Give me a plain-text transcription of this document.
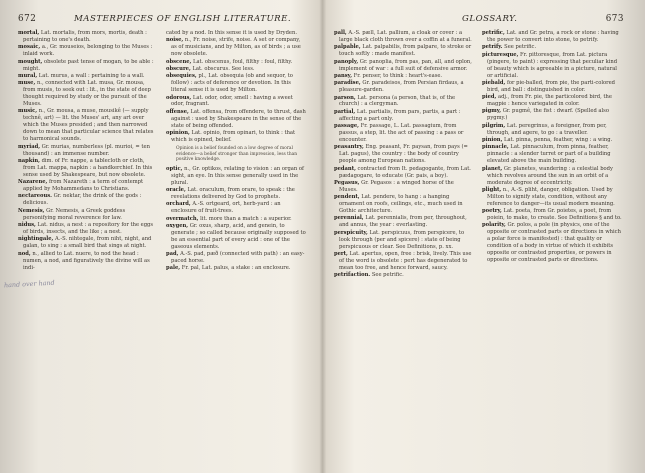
672	MASTERPIECES OF ENGLISH LITERATURE.
mortal, Lat. mortalis, from mors, mortis, death : pertaining to one's death.
mosaic, a., Gr. mouseios, belonging to the Muses : inlaid work.
mought, obsolete past tense of mogan, to be able : might.
mural, Lat. murus, a wall : pertaining to a wall.
muse, n., connected with Lat. musa, Gr. mousa, from musis, to seek out : lit., in the state of deep thought required by study or the pursuit of the Muses.
music, n., Gr. mousa, a muse, mousikê (— supply technê, art) — lit. the Muses' art, any art over which the Muses presided ; and then narrowed down to mean that particular science that relates to harmonical sounds.
myriad, Gr. murias, numberless (pl. murioi, = ten thousand) : an immense number.
napkin, dim. of Fr. nappe, a tablecloth or cloth, from Lat. mappa, napkin : a handkerchief. In this sense used by Shakespeare, but now obsolete.
Nazarene, from Nazareth : a term of contempt applied by Mohammedans to Christians.
nectareous. Gr. nektar, the drink of the gods : delicious.
Nemesis, Gr. Nemesis, a Greek goddess personifying moral reverence for law.
nidus, Lat. nidus, a nest : a repository for the eggs of birds, insects, and the like ; a nest.
nightingale, A.-S. nihtegale, from niht, night, and galan, to sing : a small bird that sings at night.
nod, n., allied to Lat. nuere, to nod the head : numen, a nod, and figuratively the divine will as indi-
cated by a nod. In this sense it is used by Dryden.
noise, n., Fr. noise, strife, noise. A set or company, as of musicians, and by Milton, as of birds ; a use now obsolete.
obscene, Lat. obscenus, foul, filthy : foul, filthy.
obscure, Lat. obscurus. See less.
obsequies, pl., Lat. obsequia (ob and sequor, to follow) : acts of deference or devotion. In this literal sense it is used by Milton.
odorous, Lat. odor, odor, smell : having a sweet odor, fragrant.
offense, Lat. offensa, from offendere, to thrust, dash against : used by Shakespeare in the sense of the state of being offended.
opinion, Lat. opinio, from opinari, to think : that which is opined, belief.
Opinion is a belief founded on a low degree of moral evidence—a belief stronger than impression, less than positive knowledge.
optic, n., Gr. optikos, relating to vision : an organ of sight, an eye. In this sense generally used in the plural.
oracle, Lat. oraculum, from orare, to speak : the revelations delivered by God to prophets.
orchard, A.-S. ortgeard, ort, herb-yard : an enclosure of fruit-trees.
overmatch, lit. more than a match : a superior.
oxygen, Gr. oxus, sharp, acid, and genein, to generate ; so called because originally supposed to be an essential part of every acid : one of the gaseous elements.
pad, A.-S. pad, pæð (connected with path) : an easy-paced horse.
pale, Fr. pal, Lat. palus, a stake : an enclosure.
hand over hand
GLOSSARY.	673
pall, A.-S. pæll, Lat. pallium, a cloak or cover : a large black cloth thrown over a coffin at a funeral.
palpable, Lat. palpabilis, from palpare, to stroke or touch softly : made manifest.
panoply, Gr. panoplia, from pas, pan, all, and oplon, implement of war : a full suit of defensive armor.
pansy, Fr. penser, to think : heart's-ease.
paradise, Gr. paradeisos, from Persian firdaus, a pleasure-garden.
parson, Lat. persona (a person, that is, of the church) : a clergyman.
partial, Lat. partialis, from pars, partis, a part : affecting a part only.
passage, Fr. passage, L. Lat. passagium, from passus, a step, lit. the act of passing : a pass or encounter.
peasantry, Eng. peasant, Fr. paysan, from pays (= Lat. pagus), the country : the body of country people among European nations.
pedant, contracted from It. pedagogante, from Lat. pædagogare, to educate (Gr. pais, a boy).
Pegasus, Gr. Pegasos : a winged horse of the Muses.
pendent, Lat. pendere, to hang : a hanging ornament on roofs, ceilings, etc., much used in Gothic architecture.
perennial, Lat. perennialis, from per, throughout, and annus, the year : everlasting.
perspicuity, Lat. perspicuus, from perspicere, to look through (per and spicere) : state of being perspicuous or clear. See Definitions, p. xx.
pert, Lat. apertus, open, free : brisk, lively. This use of the word is obsolete : pert has degenerated to mean too free, and hence forward, saucy.
petrifaction. See petrific.
petrific, Lat. and Gr. petra, a rock or stone : having the power to convert into stone, to petrify.
petrify. See petrific.
picturesque, Fr. pittoresque, from Lat. pictura (pingere, to paint) : expressing that peculiar kind of beauty which is agreeable in a picture, natural or artificial.
piebald, for pie-balled, from pie, the parti-colored bird, and ball : distinguished in color.
pied, adj., from Fr. pie, the particolored bird, the magpie : hence variegated in color.
pigmy, Gr. pugmê, the fist : dwarf. (Spelled also pygmy.)
pilgrim, Lat. peregrinus, a foreigner, from per, through, and agere, to go : a traveller.
pinion, Lat. pinna, penna, feather, wing : a wing.
pinnacle, Lat. pinnaculum, from pinna, feather, pinnacle : a slender turret or part of a building elevated above the main building.
planet, Gr. planetes, wandering : a celestial body which revolves around the sun in an orbit of a moderate degree of eccentricity.
plight, n., A.-S. pliht, danger, obligation. Used by Milton to signify state, condition, without any reference to danger—its usual modern meaning.
poetry, Lat. poeta, from Gr. poietes, a poet, from poiein, to make, to create. See Definitions § and to.
polarity, Gr. polos, a pole (in physics, one of the opposite or contrasted parts or directions in which a polar force is manifested) : that quality or condition of a body in virtue of which it exhibits opposite or contrasted properties, or powers in opposite or contrasted parts or directions.
